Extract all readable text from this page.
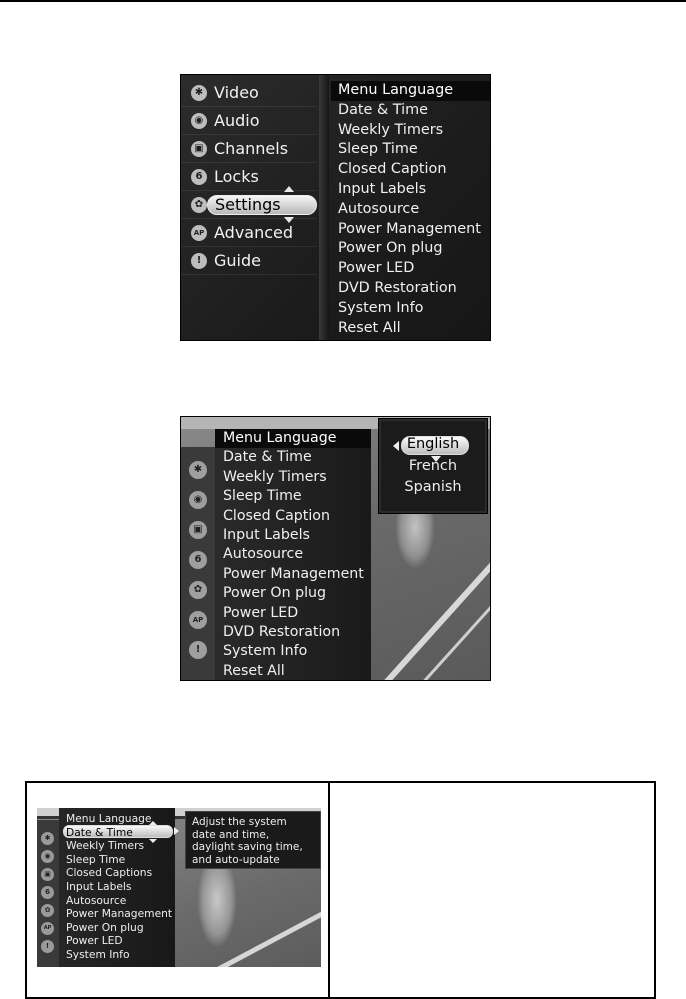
✱ Video
◉ Audio
▣ Channels
6 Locks
✿ Settings
AP Advanced
! Guide
Menu Language
Date & Time
Weekly Timers
Sleep Time
Closed Caption
Input Labels
Autosource
Power Management
Power On plug
Power LED
DVD Restoration
System Info
Reset All
✱
◉
▣
6
✿
AP
!
Menu Language
Date & Time
Weekly Timers
Sleep Time
Closed Caption
Input Labels
Autosource
Power Management
Power On plug
Power LED
DVD Restoration
System Info
Reset All
English
French
Spanish
✱
◉
▣
6
✿
AP
!
Menu Language
Date & Time
Weekly Timers
Sleep Time
Closed Captions
Input Labels
Autosource
Power Management
Power On plug
Power LED
System Info
Adjust the system
date and time,
daylight saving time,
and auto-update
